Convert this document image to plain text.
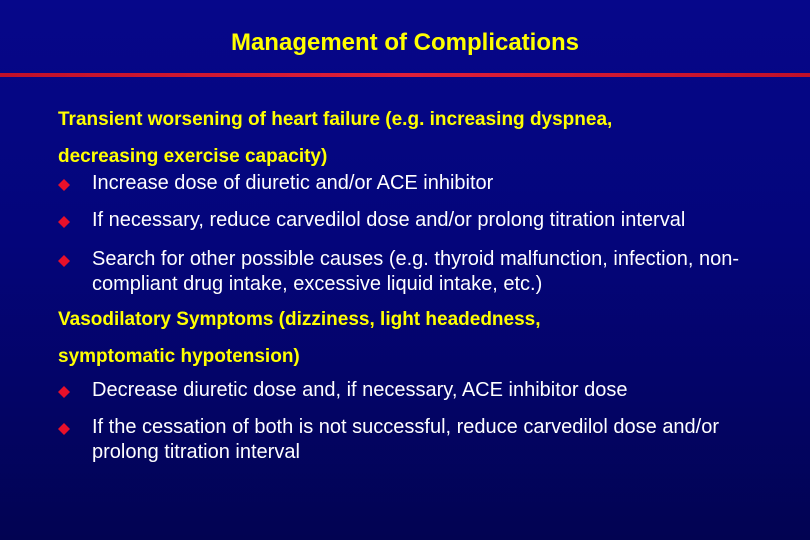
Management of Complications
Transient worsening of heart failure (e.g. increasing dyspnea,
decreasing exercise capacity)
Increase dose of diuretic and/or ACE inhibitor
If necessary, reduce carvedilol dose and/or prolong titration interval
Search for other possible causes (e.g. thyroid malfunction, infection, non-compliant drug intake, excessive liquid intake, etc.)
Vasodilatory Symptoms (dizziness, light headedness,
symptomatic hypotension)
Decrease diuretic dose and, if necessary, ACE inhibitor dose
If the cessation of both is not successful, reduce carvedilol dose and/or prolong titration interval
